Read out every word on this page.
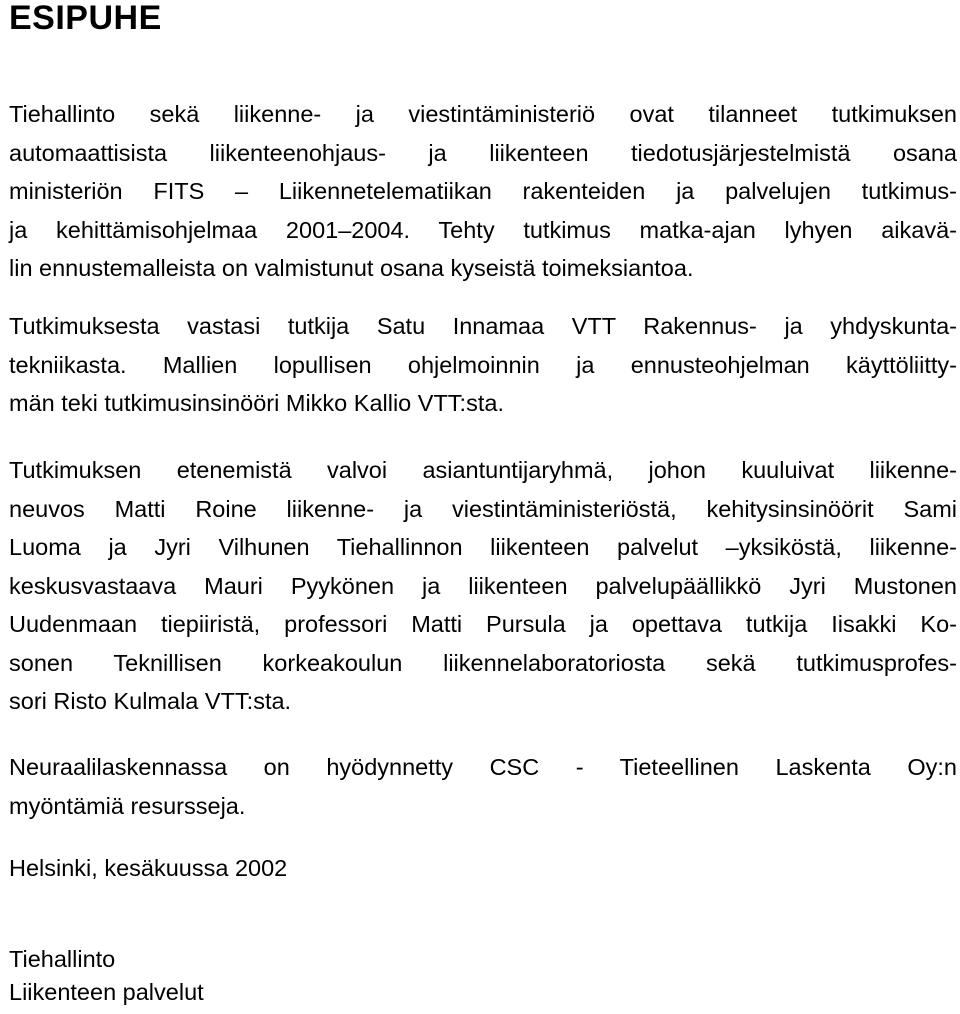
ESIPUHE
Tiehallinto sekä liikenne- ja viestintäministeriö ovat tilanneet tutkimuksen
automaattisista liikenteenohjaus- ja liikenteen tiedotusjärjestelmistä osana
ministeriön FITS – Liikennetelematiikan rakenteiden ja palvelujen tutkimus-
ja kehittämisohjelmaa 2001–2004. Tehty tutkimus matka-ajan lyhyen aikavä-
lin ennustemalleista on valmistunut osana kyseistä toimeksiantoa.
Tutkimuksesta vastasi tutkija Satu Innamaa VTT Rakennus- ja yhdyskunta-
tekniikasta. Mallien lopullisen ohjelmoinnin ja ennusteohjelman käyttöliitty-
män teki tutkimusinsinööri Mikko Kallio VTT:sta.
Tutkimuksen etenemistä valvoi asiantuntijaryhmä, johon kuuluivat liikenne-
neuvos Matti Roine liikenne- ja viestintäministeriöstä, kehitysinsinöörit Sami
Luoma ja Jyri Vilhunen Tiehallinnon liikenteen palvelut –yksiköstä, liikenne-
keskusvastaava Mauri Pyykönen ja liikenteen palvelupäällikkö Jyri Mustonen
Uudenmaan tiepiiristä, professori Matti Pursula ja opettava tutkija Iisakki Ko-
sonen Teknillisen korkeakoulun liikennelaboratoriosta sekä tutkimusprofes-
sori Risto Kulmala VTT:sta.
Neuraalilaskennassa on hyödynnetty CSC - Tieteellinen Laskenta Oy:n
myöntämiä resursseja.
Helsinki, kesäkuussa 2002
Tiehallinto
Liikenteen palvelut
